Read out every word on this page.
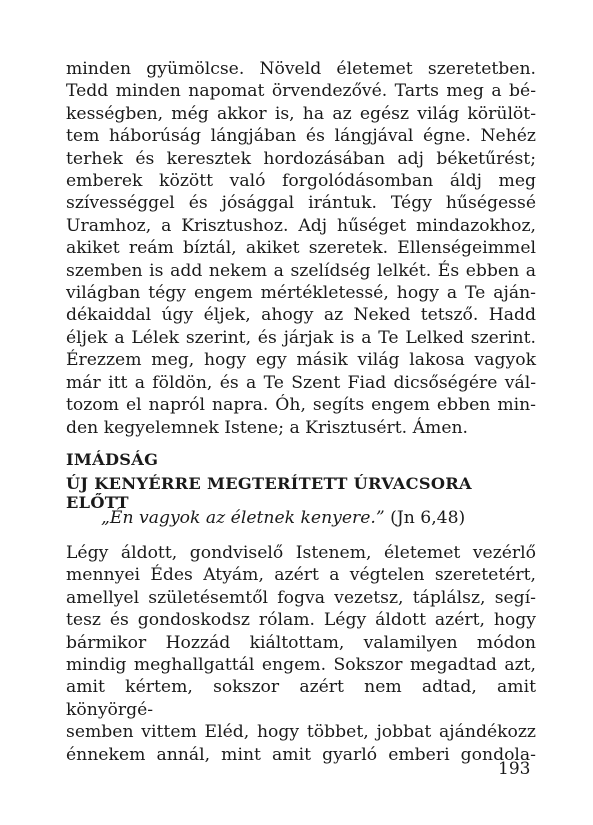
minden gyümölcse. Növeld életemet szeretetben.
Tedd minden napomat örvendezővé. Tarts meg a bé-
kességben, még akkor is, ha az egész világ körülöt-
tem háborúság lángjában és lángjával égne. Nehéz
terhek és keresztek hordozásában adj béketűrést;
emberek között való forgolódásomban áldj meg
szívességgel és jósággal irántuk. Tégy hűségessé
Uramhoz, a Krisztushoz. Adj hűséget mindazokhoz,
akiket reám bíztál, akiket szeretek. Ellenségeimmel
szemben is add nekem a szelídség lelkét. És ebben a
világban tégy engem mértékletessé, hogy a Te aján-
dékaiddal úgy éljek, ahogy az Neked tetsző. Hadd
éljek a Lélek szerint, és járjak is a Te Lelked szerint.
Érezzem meg, hogy egy másik világ lakosa vagyok
már itt a földön, és a Te Szent Fiad dicsőségére vál-
tozom el napról napra. Óh, segíts engem ebben min-
den kegyelemnek Istene; a Krisztusért. Ámen.
IMÁDSÁG
ÚJ KENYÉRRE MEGTERÍTETT ÚRVACSORA ELŐTT
„Én vagyok az életnek kenyere.” (Jn 6,48)
Légy áldott, gondviselő Istenem, életemet vezérlő
mennyei Édes Atyám, azért a végtelen szeretetért,
amellyel születésemtől fogva vezetsz, táplálsz, segí-
tesz és gondoskodsz rólam. Légy áldott azért, hogy
bármikor Hozzád kiáltottam, valamilyen módon
mindig meghallgattál engem. Sokszor megadtad azt,
amit kértem, sokszor azért nem adtad, amit könyörgé-
semben vittem Eléd, hogy többet, jobbat ajándékozz
énnekem annál, mint amit gyarló emberi gondola-
193
